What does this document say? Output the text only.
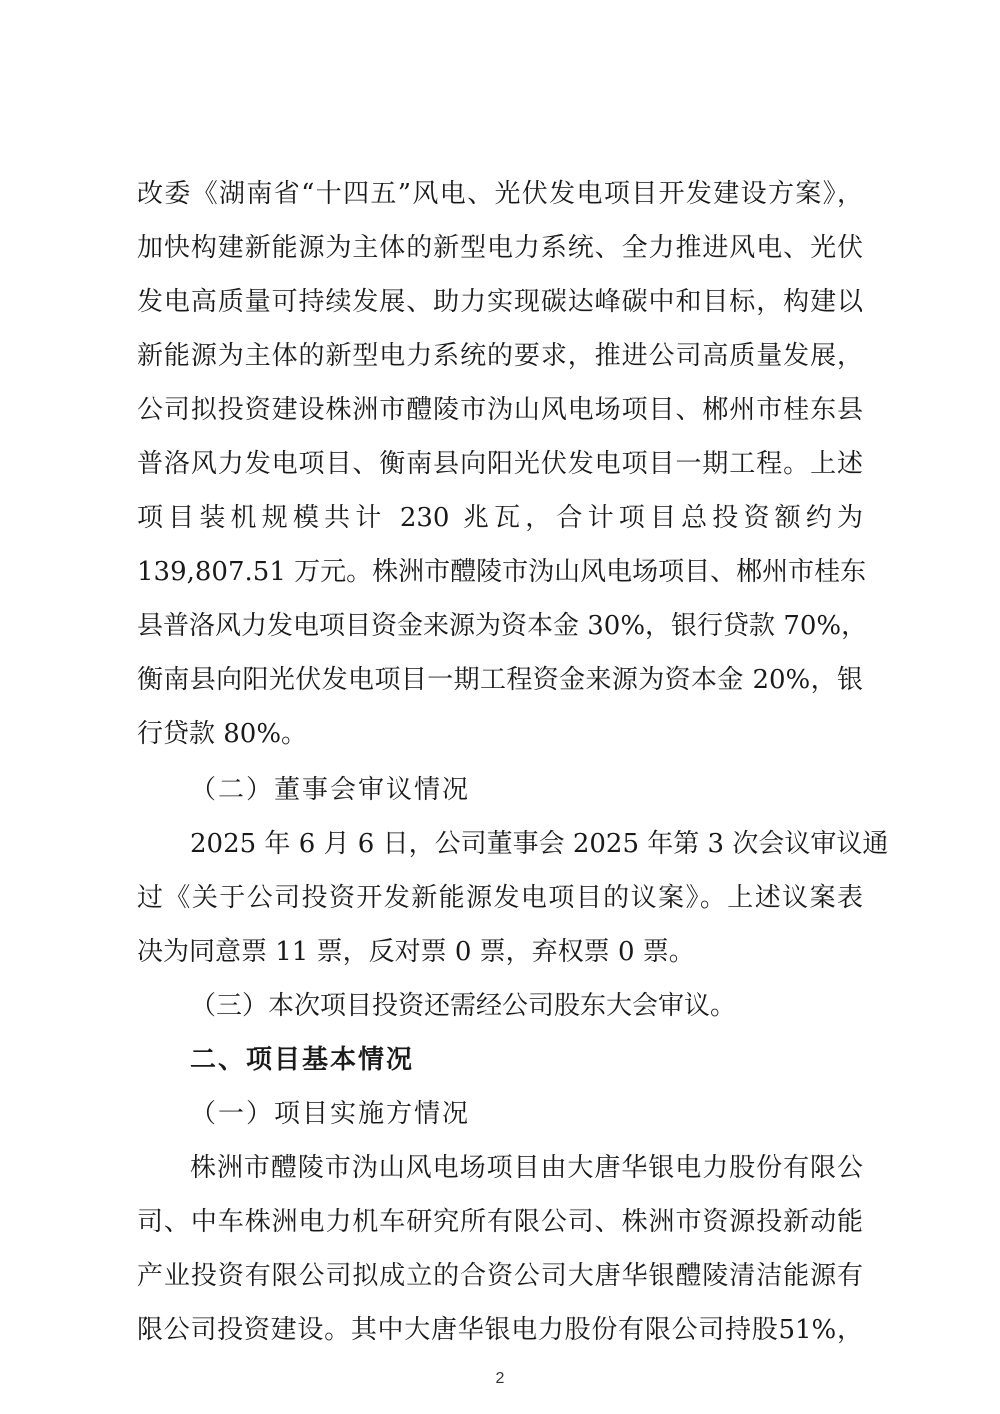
改委《湖南省“十四五”风电、光伏发电项目开发建设方案》，
加快构建新能源为主体的新型电力系统、全力推进风电、光伏
发电高质量可持续发展、助力实现碳达峰碳中和目标，构建以
新能源为主体的新型电力系统的要求，推进公司高质量发展，
公司拟投资建设株洲市醴陵市沩山风电场项目、郴州市桂东县
普洛风力发电项目、衡南县向阳光伏发电项目一期工程。上述
项目装机规模共计 230 兆瓦，合计项目总投资额约为
139,807.51 万元。株洲市醴陵市沩山风电场项目、郴州市桂东
县普洛风力发电项目资金来源为资本金 30%，银行贷款 70%，
衡南县向阳光伏发电项目一期工程资金来源为资本金 20%，银
行贷款 80%。
（二）董事会审议情况
2025 年 6 月 6 日，公司董事会 2025 年第 3 次会议审议通
过《关于公司投资开发新能源发电项目的议案》。上述议案表
决为同意票 11 票，反对票 0 票，弃权票 0 票。
（三）本次项目投资还需经公司股东大会审议。
二、项目基本情况
（一）项目实施方情况
株洲市醴陵市沩山风电场项目由大唐华银电力股份有限公
司、中车株洲电力机车研究所有限公司、株洲市资源投新动能
产业投资有限公司拟成立的合资公司大唐华银醴陵清洁能源有
限公司投资建设。其中大唐华银电力股份有限公司持股51%，
2
